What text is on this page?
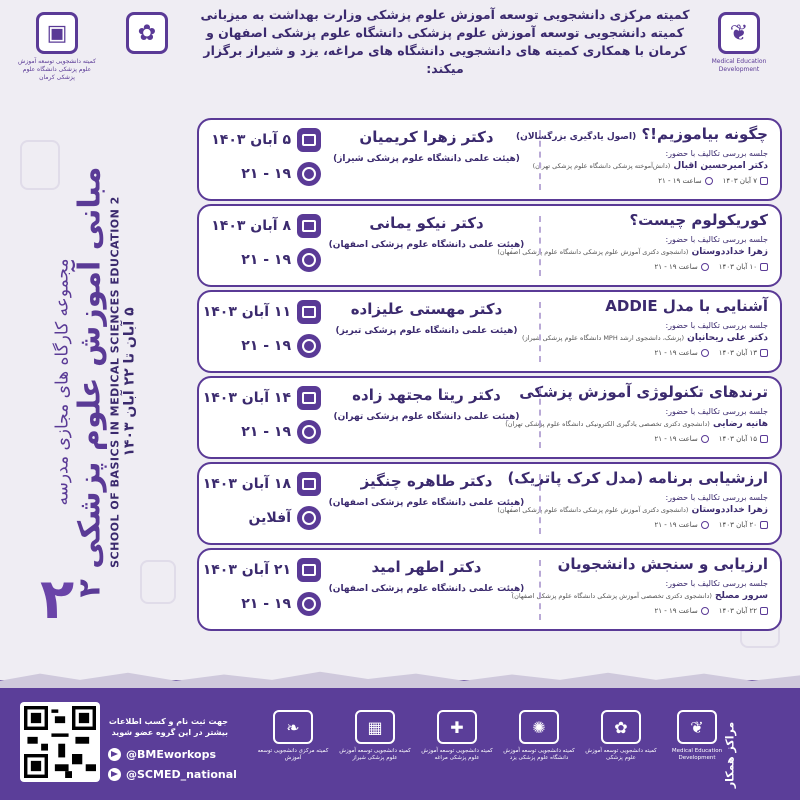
▣
کمیته دانشجویی توسعه آموزش علوم پزشکی دانشگاه علوم پزشکی کرمان
✿
کمیته مرکزی دانشجویی توسعه آموزش علوم پزشکی وزارت بهداشت به میزبانی کمیته دانشجویی توسعه آموزش علوم پزشکی دانشگاه علوم پزشکی اصفهان و کرمان با همکاری کمیته های دانشجویی دانشگاه های مراغه، یزد و شیراز برگزار میکند:
❦
Medical Education Development
مجموعه کارگاه های مجازی مدرسه
مبانی آموزش علوم پزشکی ۲ SCHOOL OF BASICS IN MEDICAL SCIENCES EDUCATION 2 ۵ آبان تا ۲۲ آبان ۱۴۰۳
۲
جهت ثبت نام و کسب اطلاعات بیشتر در این گروه عضو شوید
@BMEworkops
@SCMED_national
❧
کمیته مرکزی دانشجویی توسعه آموزش
▦
کمیته دانشجویی توسعه آموزش علوم پزشکی شیراز
✚
کمیته دانشجویی توسعه آموزش علوم پزشکی مراغه
✺
کمیته دانشجویی توسعه آموزش دانشگاه علوم پزشکی یزد
✿
کمیته دانشجویی توسعه آموزش علوم پزشکی
❦
Medical Education Development مراکز همکار
چگونه بیاموزیم!؟ (اصول یادگیری بزرگسالان)
جلسه بررسی تکالیف با حضور:
دکتر امیرحسین اقبال (دانش‌آموخته پزشکی دانشگاه علوم پزشکی تهران)
۷ آبان ۱۴۰۳
ساعت ۱۹ - ۲۱
دکتر زهرا کریمیان
(هیئت علمی دانشگاه علوم پزشکی شیراز)
۵ آبان ۱۴۰۳
۱۹ - ۲۱
کوریکولوم چیست؟
جلسه بررسی تکالیف با حضور:
زهرا خداددوستان (دانشجوی دکتری آموزش علوم پزشکی دانشگاه علوم پزشکی اصفهان)
۱۰ آبان ۱۴۰۳
ساعت ۱۹ - ۲۱
دکتر نیکو یمانی
(هیئت علمی دانشگاه علوم پزشکی اصفهان)
۸ آبان ۱۴۰۳
۱۹ - ۲۱
آشنایی با مدل ADDIE
جلسه بررسی تکالیف با حضور:
دکتر علی ریحانیان (پزشک، دانشجوی ارشد MPH دانشگاه علوم پزشکی شیراز)
۱۳ آبان ۱۴۰۳
ساعت ۱۹ - ۲۱
دکتر مهستی علیزاده
(هیئت علمی دانشگاه علوم پزشکی تبریز)
۱۱ آبان ۱۴۰۳
۱۹ - ۲۱
ترندهای تکنولوژی آموزش پزشکی
جلسه بررسی تکالیف با حضور:
هانیه رضایی (دانشجوی دکتری تخصصی یادگیری الکترونیکی دانشگاه علوم پزشکی تهران)
۱۵ آبان ۱۴۰۳
ساعت ۱۹ - ۲۱
دکتر ریتا مجتهد زاده
(هیئت علمی دانشگاه علوم پزشکی تهران)
۱۴ آبان ۱۴۰۳
۱۹ - ۲۱
ارزشیابی برنامه (مدل کرک پاتریک)
جلسه بررسی تکالیف با حضور:
زهرا خداددوستان (دانشجوی دکتری آموزش علوم پزشکی دانشگاه علوم پزشکی اصفهان)
۲۰ آبان ۱۴۰۳
ساعت ۱۹ - ۲۱
دکتر طاهره چنگیز
(هیئت علمی دانشگاه علوم پزشکی اصفهان)
۱۸ آبان ۱۴۰۳
آفلاین
ارزیابی و سنجش دانشجویان
جلسه بررسی تکالیف با حضور:
سرور مصلح (دانشجوی دکتری تخصصی آموزش پزشکی دانشگاه علوم پزشکی اصفهان)
۲۲ آبان ۱۴۰۳
ساعت ۱۹ - ۲۱
دکتر اطهر امید
(هیئت علمی دانشگاه علوم پزشکی اصفهان)
۲۱ آبان ۱۴۰۳
۱۹ - ۲۱
